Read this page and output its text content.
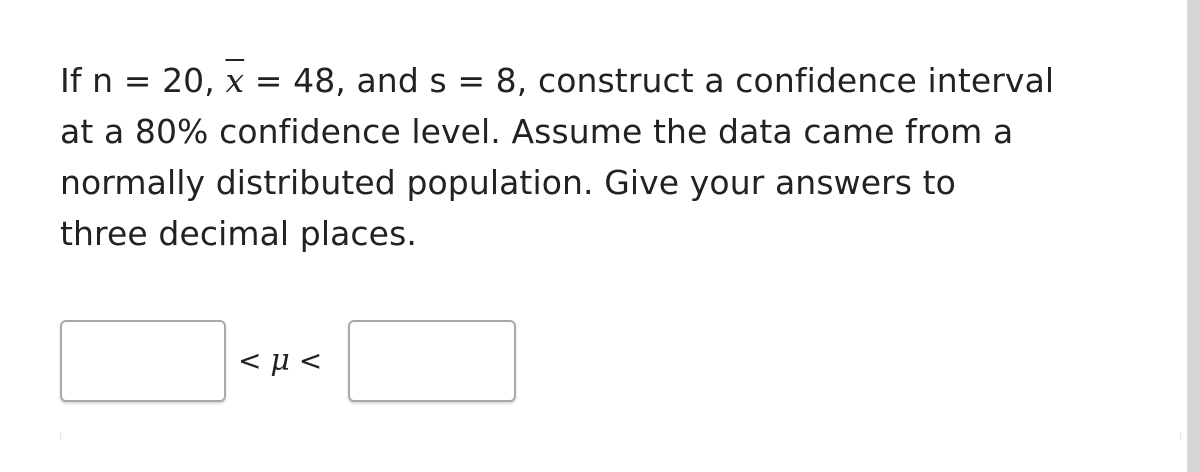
If n = 20, $\overline{x} = 48$, and s = 8, construct a confidence interval
at a 80% confidence level. Assume the data came from a
normally distributed population. Give your answers to
three decimal places.
< μ <
